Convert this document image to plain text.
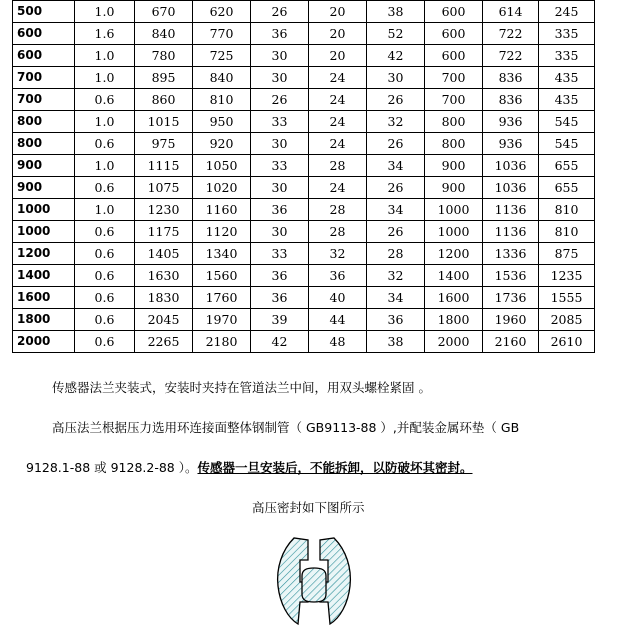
500	1.0	670	620	26	20	38	600	614	245
600	1.6	840	770	36	20	52	600	722	335
600	1.0	780	725	30	20	42	600	722	335
700	1.0	895	840	30	24	30	700	836	435
700	0.6	860	810	26	24	26	700	836	435
800	1.0	1015	950	33	24	32	800	936	545
800	0.6	975	920	30	24	26	800	936	545
900	1.0	1115	1050	33	28	34	900	1036	655
900	0.6	1075	1020	30	24	26	900	1036	655
1000	1.0	1230	1160	36	28	34	1000	1136	810
1000	0.6	1175	1120	30	28	26	1000	1136	810
1200	0.6	1405	1340	33	32	28	1200	1336	875
1400	0.6	1630	1560	36	36	32	1400	1536	1235
1600	0.6	1830	1760	36	40	34	1600	1736	1555
1800	0.6	2045	1970	39	44	36	1800	1960	2085
2000	0.6	2265	2180	42	48	38	2000	2160	2610
传感器法兰夹装式，安装时夹持在管道法兰中间，用双头螺栓紧固 。
高压法兰根据压力选用环连接面整体钢制管（ GB9113-88 ）,并配装金属环垫（ GB
9128.1-88 或 9128.2-88 ）。传感器一旦安装后，不能拆卸，以防破坏其密封。
高压密封如下图所示
